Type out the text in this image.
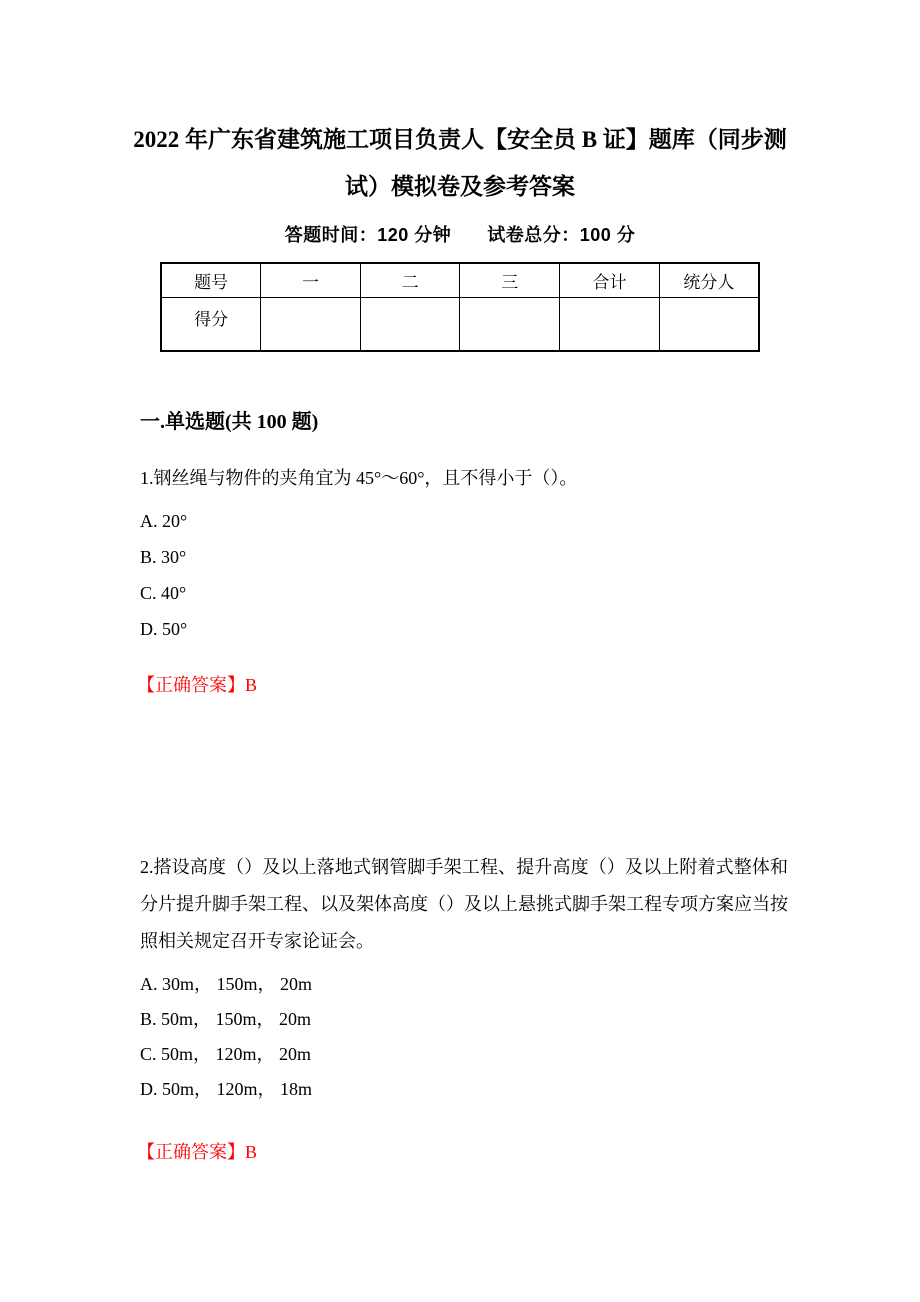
2022 年广东省建筑施工项目负责人【安全员 B 证】题库（同步测
试）模拟卷及参考答案
答题时间：120 分钟 试卷总分：100 分
题号	一	二	三	合计	统分人
得分					
一.单选题(共 100 题)

1.钢丝绳与物件的夹角宜为 45°～60°，且不得小于（）。

A. 20°

B. 30°

C. 40°

D. 50°

【正确答案】B

2.搭设高度（）及以上落地式钢管脚手架工程、提升高度（）及以上附着式整体和分片提升脚手架工程、以及架体高度（）及以上悬挑式脚手架工程专项方案应当按照相关规定召开专家论证会。

A. 30m， 150m， 20m

B. 50m， 150m， 20m

C. 50m， 120m， 20m

D. 50m， 120m， 18m

【正确答案】B
